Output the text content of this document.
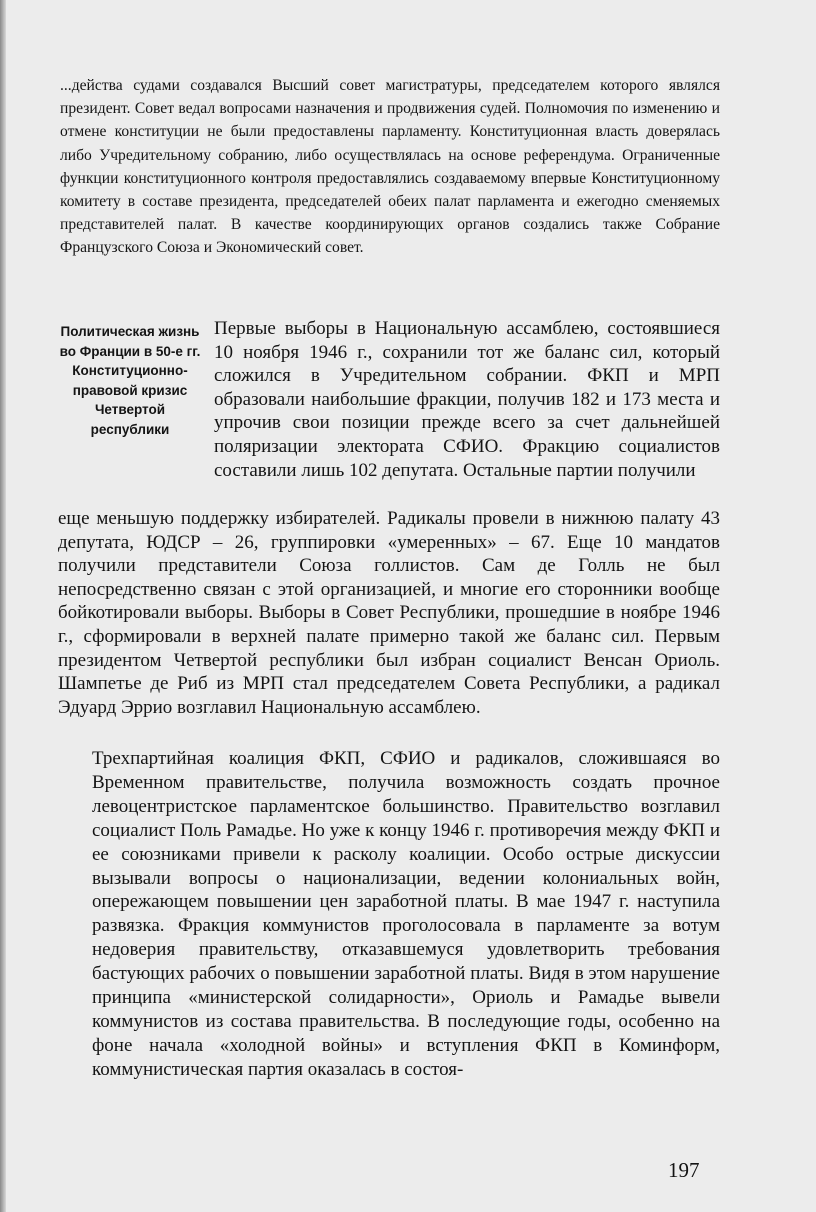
...действа судами создавался Высший совет магистратуры, председателем которого являлся президент. Совет ведал вопросами назначения и продвижения судей. Полномочия по изменению и отмене конституции не были предоставлены парламенту. Конституционная власть доверялась либо Учредительному собранию, либо осуществлялась на основе референдума. Ограниченные функции конституционного контроля предоставлялись создаваемому впервые Конституционному комитету в составе президента, председателей обеих палат парламента и ежегодно сменяемых представителей палат. В качестве координирующих органов создались также Собрание Французского Союза и Экономический совет.

Политическая жизнь во Франции в 50-е гг. Конституционно-правовой кризис Четвертой республики

Первые выборы в Национальную ассамблею, состоявшиеся 10 ноября 1946 г., сохранили тот же баланс сил, который сложился в Учредительном собрании. ФКП и МРП образовали наибольшие фракции, получив 182 и 173 места и упрочив свои позиции прежде всего за счет дальнейшей поляризации электората СФИО. Фракцию социалистов составили лишь 102 депутата. Остальные партии получили

еще меньшую поддержку избирателей. Радикалы провели в нижнюю палату 43 депутата, ЮДСР – 26, группировки «умеренных» – 67. Еще 10 мандатов получили представители Союза голлистов. Сам де Голль не был непосредственно связан с этой организацией, и многие его сторонники вообще бойкотировали выборы. Выборы в Совет Республики, прошедшие в ноябре 1946 г., сформировали в верхней палате примерно такой же баланс сил. Первым президентом Четвертой республики был избран социалист Венсан Ориоль. Шампетье де Риб из МРП стал председателем Совета Республики, а радикал Эдуард Эррио возглавил Национальную ассамблею.

Трехпартийная коалиция ФКП, СФИО и радикалов, сложившаяся во Временном правительстве, получила возможность создать прочное левоцентристское парламентское большинство. Правительство возглавил социалист Поль Рамадье. Но уже к концу 1946 г. противоречия между ФКП и ее союзниками привели к расколу коалиции. Особо острые дискуссии вызывали вопросы о национализации, ведении колониальных войн, опережающем повышении цен заработной платы. В мае 1947 г. наступила развязка. Фракция коммунистов проголосовала в парламенте за вотум недоверия правительству, отказавшемуся удовлетворить требования бастующих рабочих о повышении заработной платы. Видя в этом нарушение принципа «министерской солидарности», Ориоль и Рамадье вывели коммунистов из состава правительства. В последующие годы, особенно на фоне начала «холодной войны» и вступления ФКП в Коминформ, коммунистическая партия оказалась в состоя-

197
